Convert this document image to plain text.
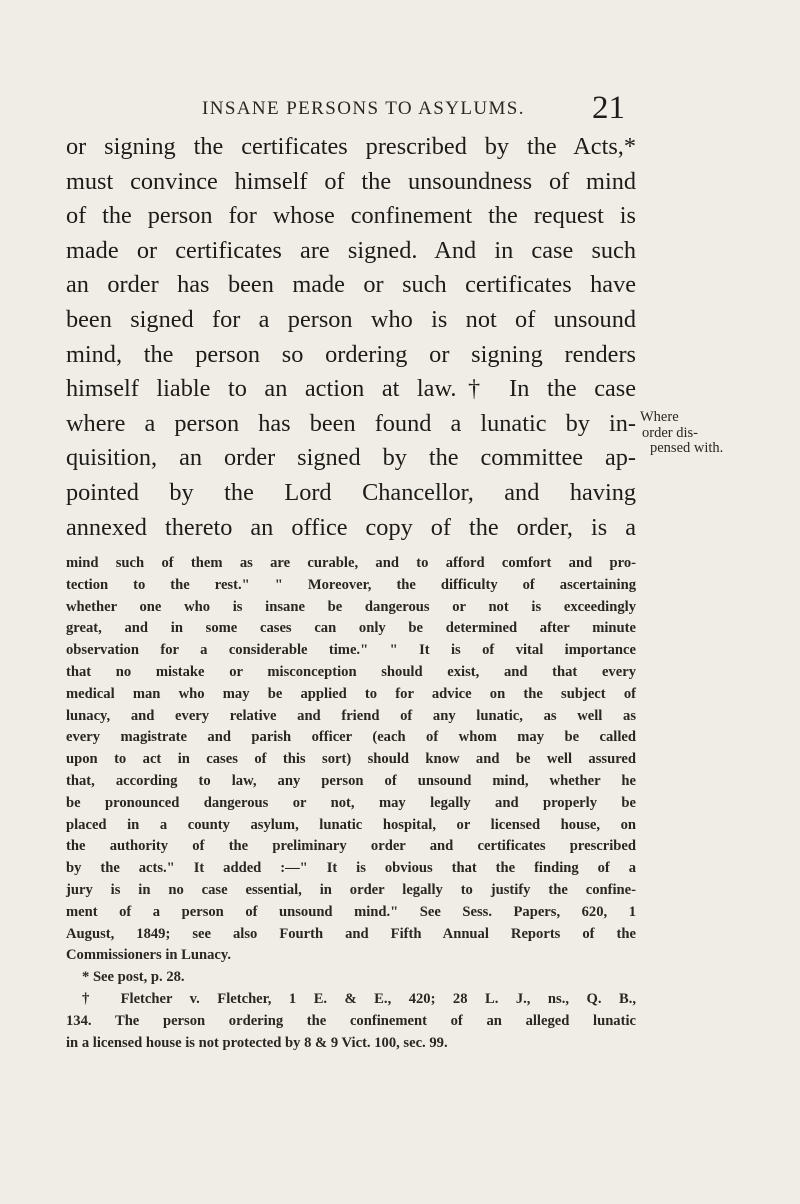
INSANE PERSONS TO ASYLUMS. 21
or signing the certificates prescribed by the Acts,*
must convince himself of the unsoundness of mind
of the person for whose confinement the request is
made or certificates are signed. And in case such
an order has been made or such certificates have
been signed for a person who is not of unsound
mind, the person so ordering or signing renders
himself liable to an action at law.† In the case
where a person has been found a lunatic by in-
quisition, an order signed by the committee ap-
pointed by the Lord Chancellor, and having
annexed thereto an office copy of the order, is a
Where
order dis-
pensed with.
mind such of them as are curable, and to afford comfort and pro-
tection to the rest." " Moreover, the difficulty of ascertaining
whether one who is insane be dangerous or not is exceedingly
great, and in some cases can only be determined after minute
observation for a considerable time." " It is of vital importance
that no mistake or misconception should exist, and that every
medical man who may be applied to for advice on the subject of
lunacy, and every relative and friend of any lunatic, as well as
every magistrate and parish officer (each of whom may be called
upon to act in cases of this sort) should know and be well assured
that, according to law, any person of unsound mind, whether he
be pronounced dangerous or not, may legally and properly be
placed in a county asylum, lunatic hospital, or licensed house, on
the authority of the preliminary order and certificates prescribed
by the acts." It added :—" It is obvious that the finding of a
jury is in no case essential, in order legally to justify the confine-
ment of a person of unsound mind." See Sess. Papers, 620, 1
August, 1849; see also Fourth and Fifth Annual Reports of the
Commissioners in Lunacy.
* See post, p. 28.
† Fletcher v. Fletcher, 1 E. & E., 420; 28 L. J., ns., Q. B.,
134. The person ordering the confinement of an alleged lunatic
in a licensed house is not protected by 8 & 9 Vict. 100, sec. 99.
